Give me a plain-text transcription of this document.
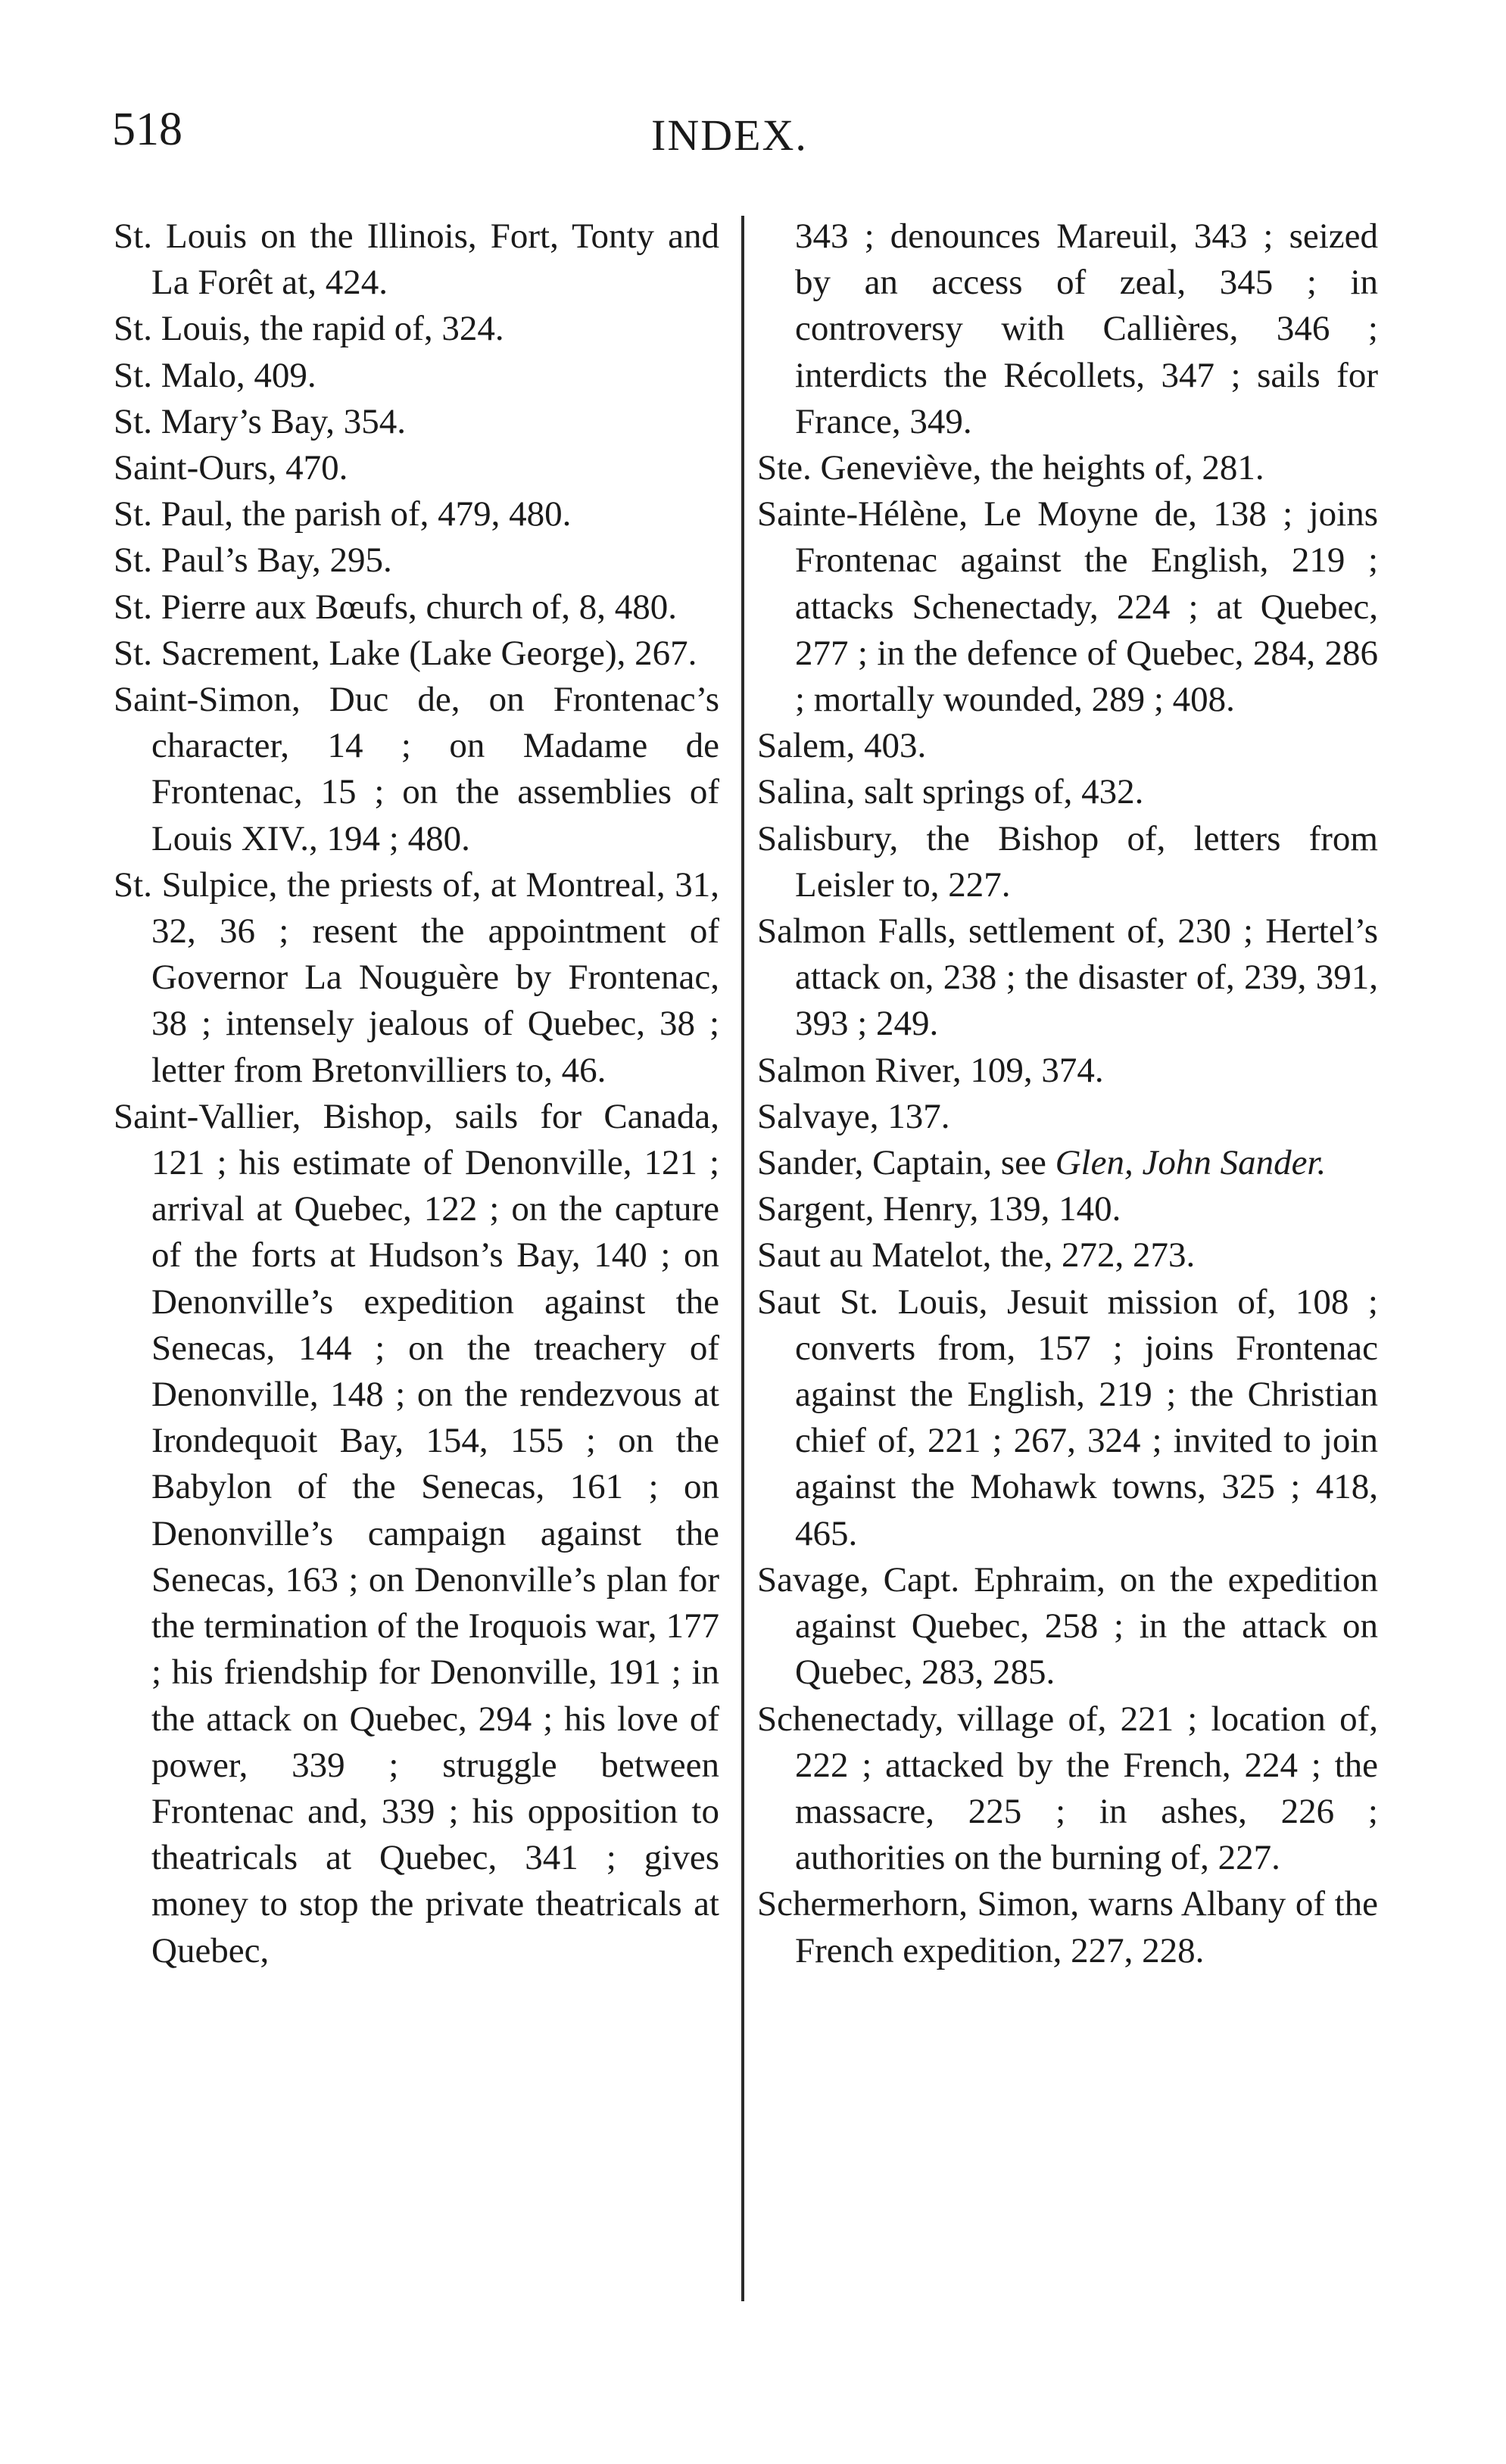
518	INDEX.

St. Louis on the Illinois, Fort, Tonty and La Forêt at, 424.

St. Louis, the rapid of, 324.

St. Malo, 409.

St. Mary’s Bay, 354.

Saint-Ours, 470.

St. Paul, the parish of, 479, 480.

St. Paul’s Bay, 295.

St. Pierre aux Bœufs, church of, 8, 480.

St. Sacrement, Lake (Lake George), 267.

Saint-Simon, Duc de, on Frontenac’s character, 14 ; on Madame de Frontenac, 15 ; on the assemblies of Louis XIV., 194 ; 480.

St. Sulpice, the priests of, at Montreal, 31, 32, 36 ; resent the appointment of Governor La Nouguère by Frontenac, 38 ; intensely jealous of Quebec, 38 ; letter from Bretonvilliers to, 46.

Saint-Vallier, Bishop, sails for Canada, 121 ; his estimate of Denonville, 121 ; arrival at Quebec, 122 ; on the capture of the forts at Hudson’s Bay, 140 ; on Denonville’s expedition against the Senecas, 144 ; on the treachery of Denonville, 148 ; on the rendezvous at Irondequoit Bay, 154, 155 ; on the Babylon of the Senecas, 161 ; on Denonville’s campaign against the Senecas, 163 ; on Denonville’s plan for the termination of the Iroquois war, 177 ; his friendship for Denonville, 191 ; in the attack on Quebec, 294 ; his love of power, 339 ; struggle between Frontenac and, 339 ; his opposition to theatricals at Quebec, 341 ; gives money to stop the private theatricals at Quebec,

343 ; denounces Mareuil, 343 ; seized by an access of zeal, 345 ; in controversy with Callières, 346 ; interdicts the Récollets, 347 ; sails for France, 349.

Ste. Geneviève, the heights of, 281.

Sainte-Hélène, Le Moyne de, 138 ; joins Frontenac against the English, 219 ; attacks Schenectady, 224 ; at Quebec, 277 ; in the defence of Quebec, 284, 286 ; mortally wounded, 289 ; 408.

Salem, 403.

Salina, salt springs of, 432.

Salisbury, the Bishop of, letters from Leisler to, 227.

Salmon Falls, settlement of, 230 ; Hertel’s attack on, 238 ; the disaster of, 239, 391, 393 ; 249.

Salmon River, 109, 374.

Salvaye, 137.

Sander, Captain, see Glen, John Sander.

Sargent, Henry, 139, 140.

Saut au Matelot, the, 272, 273.

Saut St. Louis, Jesuit mission of, 108 ; converts from, 157 ; joins Frontenac against the English, 219 ; the Christian chief of, 221 ; 267, 324 ; invited to join against the Mohawk towns, 325 ; 418, 465.

Savage, Capt. Ephraim, on the expedition against Quebec, 258 ; in the attack on Quebec, 283, 285.

Schenectady, village of, 221 ; location of, 222 ; attacked by the French, 224 ; the massacre, 225 ; in ashes, 226 ; authorities on the burning of, 227.

Schermerhorn, Simon, warns Albany of the French expedition, 227, 228.
